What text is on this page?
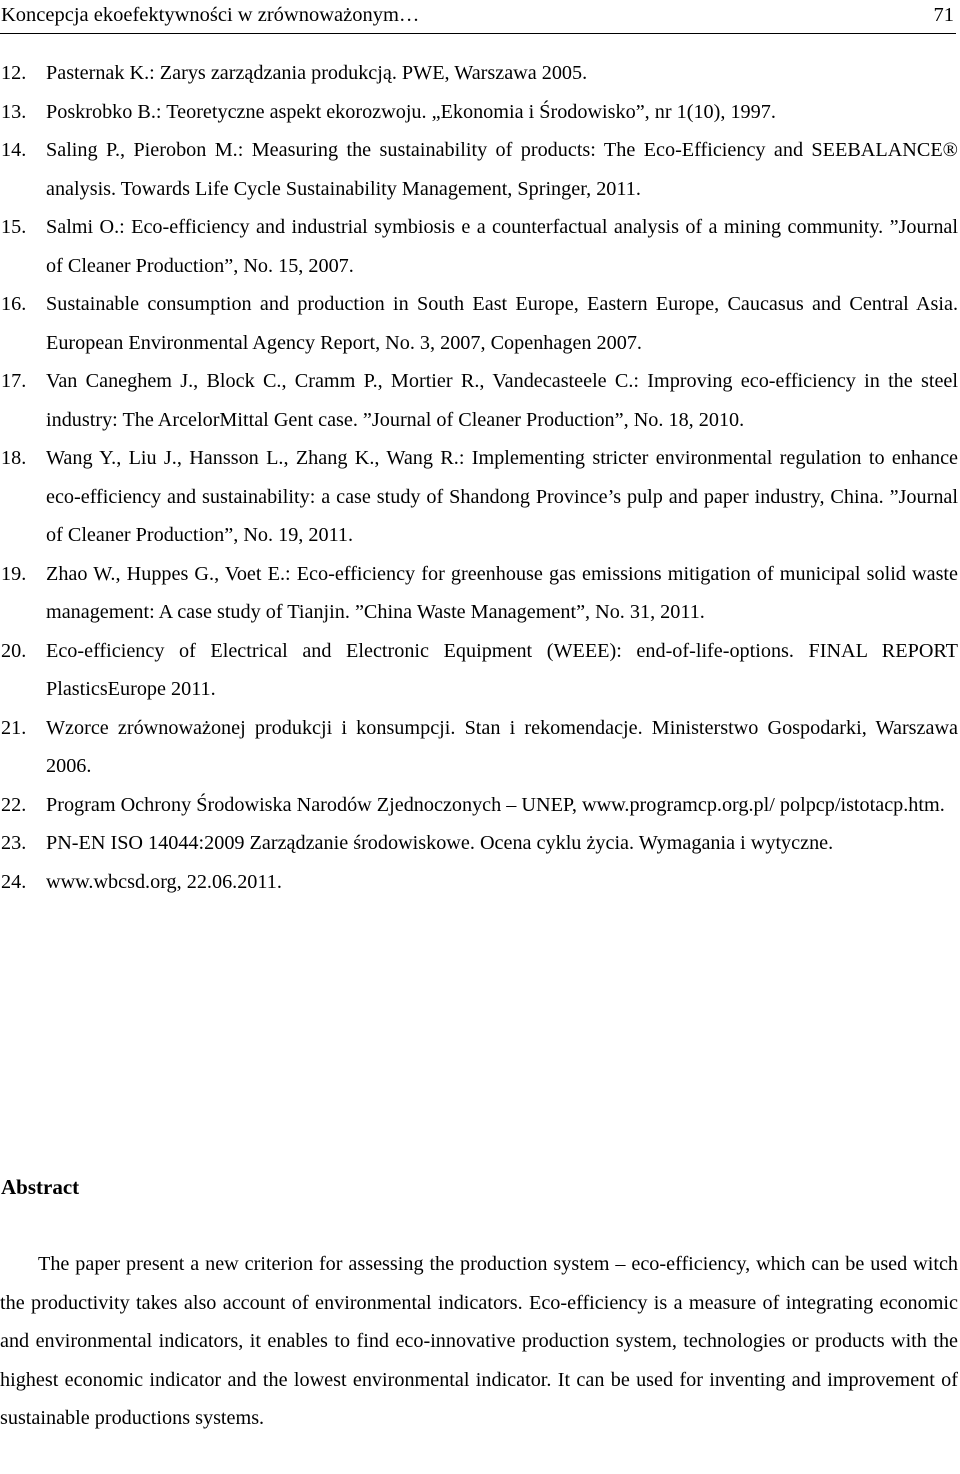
Koncepcja ekoefektywności w zrównoważonym…	71
12. Pasternak K.: Zarys zarządzania produkcją. PWE, Warszawa 2005.
13. Poskrobko B.: Teoretyczne aspekt ekorozwoju. „Ekonomia i Środowisko”, nr 1(10), 1997.
14. Saling P., Pierobon M.: Measuring the sustainability of products: The Eco-Efficiency and SEEBALANCE® analysis. Towards Life Cycle Sustainability Management, Springer, 2011.
15. Salmi O.: Eco-efficiency and industrial symbiosis e a counterfactual analysis of a mining community. ”Journal of Cleaner Production”, No. 15, 2007.
16. Sustainable consumption and production in South East Europe, Eastern Europe, Caucasus and Central Asia. European Environmental Agency Report, No. 3, 2007, Copenhagen 2007.
17. Van Caneghem J., Block C., Cramm P., Mortier R., Vandecasteele C.: Improving eco-efficiency in the steel industry: The ArcelorMittal Gent case. ”Journal of Cleaner Production”, No. 18, 2010.
18. Wang Y., Liu J., Hansson L., Zhang K., Wang R.: Implementing stricter environmental regulation to enhance eco-efficiency and sustainability: a case study of Shandong Province’s pulp and paper industry, China. ”Journal of Cleaner Production”, No. 19, 2011.
19. Zhao W., Huppes G., Voet E.: Eco-efficiency for greenhouse gas emissions mitigation of municipal solid waste management: A case study of Tianjin. ”China Waste Management”, No. 31, 2011.
20. Eco-efficiency of Electrical and Electronic Equipment (WEEE): end-of-life-options. FINAL REPORT PlasticsEurope 2011.
21. Wzorce zrównoważonej produkcji i konsumpcji. Stan i rekomendacje. Ministerstwo Gospodarki, Warszawa 2006.
22. Program Ochrony Środowiska Narodów Zjednoczonych – UNEP, www.programcp.org.pl/ polpcp/istotacp.htm.
23. PN-EN ISO 14044:2009 Zarządzanie środowiskowe. Ocena cyklu życia. Wymagania i wytyczne.
24. www.wbcsd.org, 22.06.2011.
Abstract
The paper present a new criterion for assessing the production system – eco-efficiency, which can be used witch the productivity takes also account of environmental indicators. Eco-efficiency is a measure of integrating economic and environmental indicators, it enables to find eco-innovative production system, technologies or products with the highest economic indicator and the lowest environmental indicator. It can be used for inventing and improvement of sustainable productions systems.
